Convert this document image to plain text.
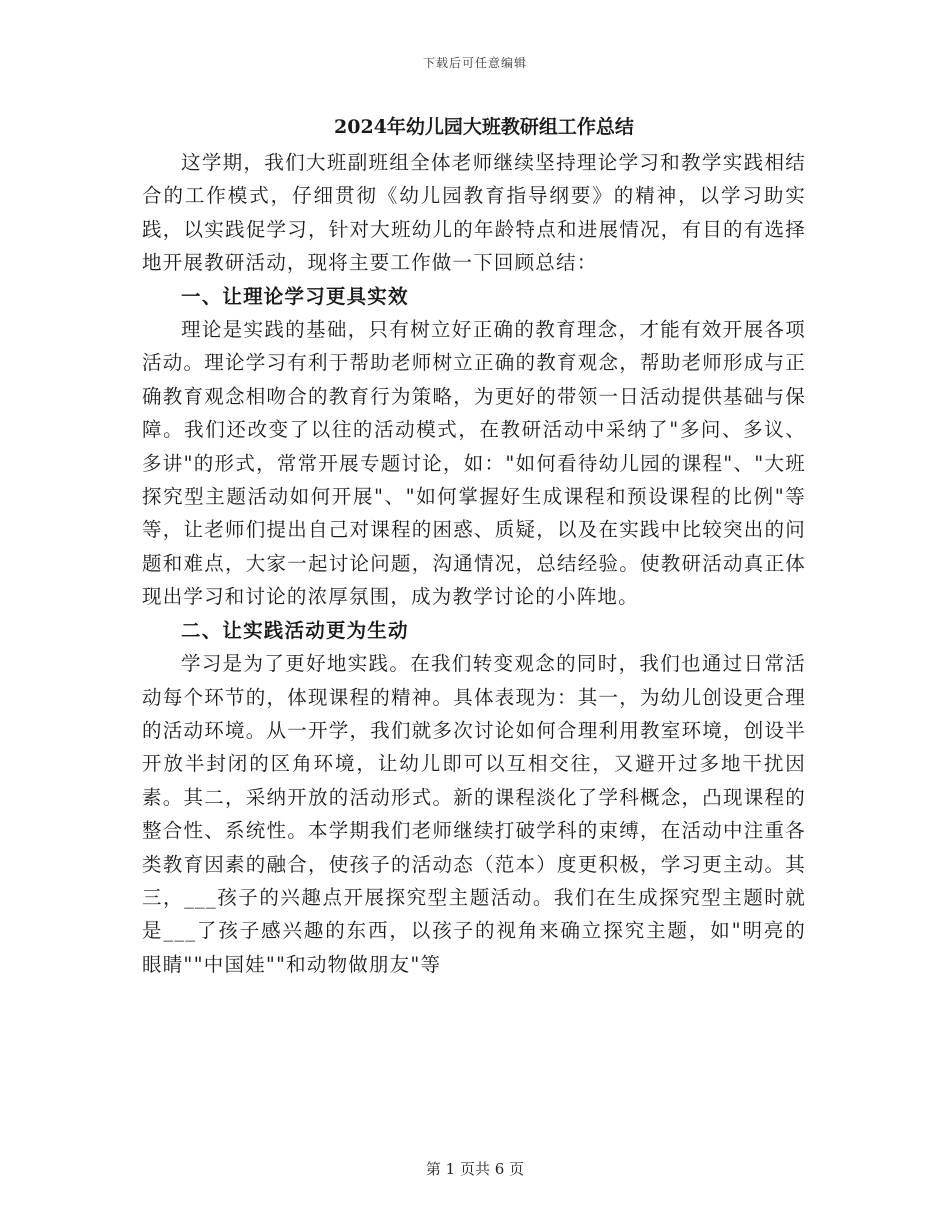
下载后可任意编辑
2024年幼儿园大班教研组工作总结

这学期，我们大班副班组全体老师继续坚持理论学习和教学实践相结合的工作模式，仔细贯彻《幼儿园教育指导纲要》的精神，以学习助实践，以实践促学习，针对大班幼儿的年龄特点和进展情况，有目的有选择地开展教研活动，现将主要工作做一下回顾总结：

一、让理论学习更具实效

理论是实践的基础，只有树立好正确的教育理念，才能有效开展各项活动。理论学习有利于帮助老师树立正确的教育观念，帮助老师形成与正确教育观念相吻合的教育行为策略，为更好的带领一日活动提供基础与保障。我们还改变了以往的活动模式，在教研活动中采纳了"多问、多议、多讲"的形式，常常开展专题讨论，如："如何看待幼儿园的课程"、"大班探究型主题活动如何开展"、"如何掌握好生成课程和预设课程的比例"等等，让老师们提出自己对课程的困惑、质疑，以及在实践中比较突出的问题和难点，大家一起讨论问题，沟通情况，总结经验。使教研活动真正体现出学习和讨论的浓厚氛围，成为教学讨论的小阵地。

二、让实践活动更为生动

学习是为了更好地实践。在我们转变观念的同时，我们也通过日常活动每个环节的，体现课程的精神。具体表现为：其一，为幼儿创设更合理的活动环境。从一开学，我们就多次讨论如何合理利用教室环境，创设半开放半封闭的区角环境，让幼儿即可以互相交往，又避开过多地干扰因素。其二，采纳开放的活动形式。新的课程淡化了学科概念，凸现课程的整合性、系统性。本学期我们老师继续打破学科的束缚，在活动中注重各类教育因素的融合，使孩子的活动态（范本）度更积极，学习更主动。其三，___孩子的兴趣点开展探究型主题活动。我们在生成探究型主题时就是___了孩子感兴趣的东西，以孩子的视角来确立探究主题，如"明亮的眼睛""中国娃""和动物做朋友"等

第 1 页共 6 页
